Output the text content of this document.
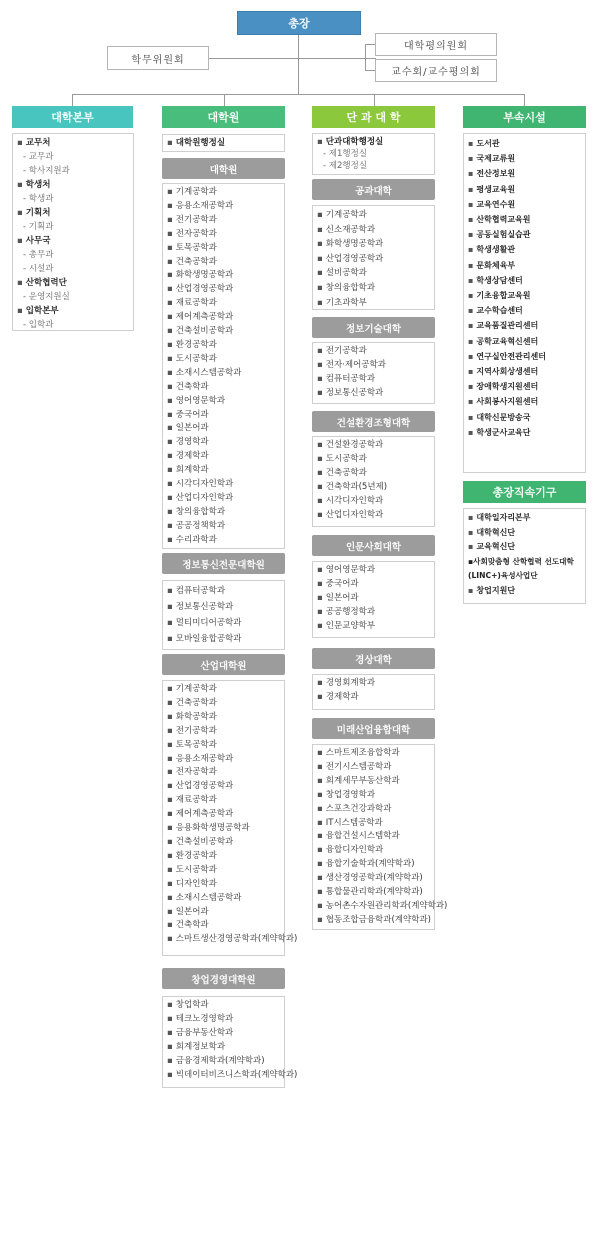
총장
학무위원회
대학평의원회
교수회/교수평의회
대학본부
▪ 교무처
- 교무과
- 학사지원과
▪ 학생처
- 학생과
▪ 기획처
- 기획과
▪ 사무국
- 총무과
- 시설과
▪ 산학협력단
- 운영지원실
▪ 입학본부
- 입학과
대학원
▪ 대학원행정실
대학원
▪ 기계공학과
▪ 응용소재공학과
▪ 전기공학과
▪ 전자공학과
▪ 토목공학과
▪ 건축공학과
▪ 화학생명공학과
▪ 산업경영공학과
▪ 재료공학과
▪ 제어계측공학과
▪ 건축설비공학과
▪ 환경공학과
▪ 도시공학과
▪ 소재시스템공학과
▪ 건축학과
▪ 영어영문학과
▪ 중국어과
▪ 일본어과
▪ 경영학과
▪ 경제학과
▪ 회계학과
▪ 시각디자인학과
▪ 산업디자인학과
▪ 창의융합학과
▪ 공공정책학과
▪ 수리과학과
정보통신전문대학원
▪ 컴퓨터공학과
▪ 정보통신공학과
▪ 멀티미디어공학과
▪ 모바일융합공학과
산업대학원
▪ 기계공학과
▪ 건축공학과
▪ 화학공학과
▪ 전기공학과
▪ 토목공학과
▪ 응용소재공학과
▪ 전자공학과
▪ 산업경영공학과
▪ 재료공학과
▪ 제어계측공학과
▪ 응용화학생명공학과
▪ 건축설비공학과
▪ 환경공학과
▪ 도시공학과
▪ 디자인학과
▪ 소재시스템공학과
▪ 일본어과
▪ 건축학과
▪ 스마트생산경영공학과(계약학과)
창업경영대학원
▪ 창업학과
▪ 테크노경영학과
▪ 금융부동산학과
▪ 회계정보학과
▪ 금융경제학과(계약학과)
▪ 빅데이터비즈니스학과(계약학과)
단 과 대 학
▪ 단과대학행정실
- 제1행정실
- 제2행정실
공과대학
▪ 기계공학과
▪ 신소재공학과
▪ 화학생명공학과
▪ 산업경영공학과
▪ 설비공학과
▪ 창의융합학과
▪ 기초과학부
정보기술대학
▪ 전기공학과
▪ 전자·제어공학과
▪ 컴퓨터공학과
▪ 정보통신공학과
건설환경조형대학
▪ 건설환경공학과
▪ 도시공학과
▪ 건축공학과
▪ 건축학과(5년제)
▪ 시각디자인학과
▪ 산업디자인학과
인문사회대학
▪ 영어영문학과
▪ 중국어과
▪ 일본어과
▪ 공공행정학과
▪ 인문교양학부
경상대학
▪ 경영회계학과
▪ 경제학과
미래산업융합대학
▪ 스마트제조융합학과
▪ 전기시스템공학과
▪ 회계세무부동산학과
▪ 창업경영학과
▪ 스포츠건강과학과
▪ IT시스템공학과
▪ 융합건설시스템학과
▪ 융합디자인학과
▪ 융합기술학과(계약학과)
▪ 생산경영공학과(계약학과)
▪ 통합물관리학과(계약학과)
▪ 농어촌수자원관리학과(계약학과)
▪ 협동조합금융학과(계약학과)
부속시설
▪ 도서관
▪ 국제교류원
▪ 전산정보원
▪ 평생교육원
▪ 교육연수원
▪ 산학협력교육원
▪ 공동실험실습관
▪ 학생생활관
▪ 문화체육부
▪ 학생상담센터
▪ 기초융합교육원
▪ 교수학습센터
▪ 교육품질관리센터
▪ 공학교육혁신센터
▪ 연구실안전관리센터
▪ 지역사회상생센터
▪ 장애학생지원센터
▪ 사회봉사지원센터
▪ 대학신문방송국
▪ 학생군사교육단
총장직속기구
▪ 대학일자리본부
▪ 대학혁신단
▪ 교육혁신단
▪사회맞춤형 산학협력 선도대학(LINC+)육성사업단
▪ 창업지원단
